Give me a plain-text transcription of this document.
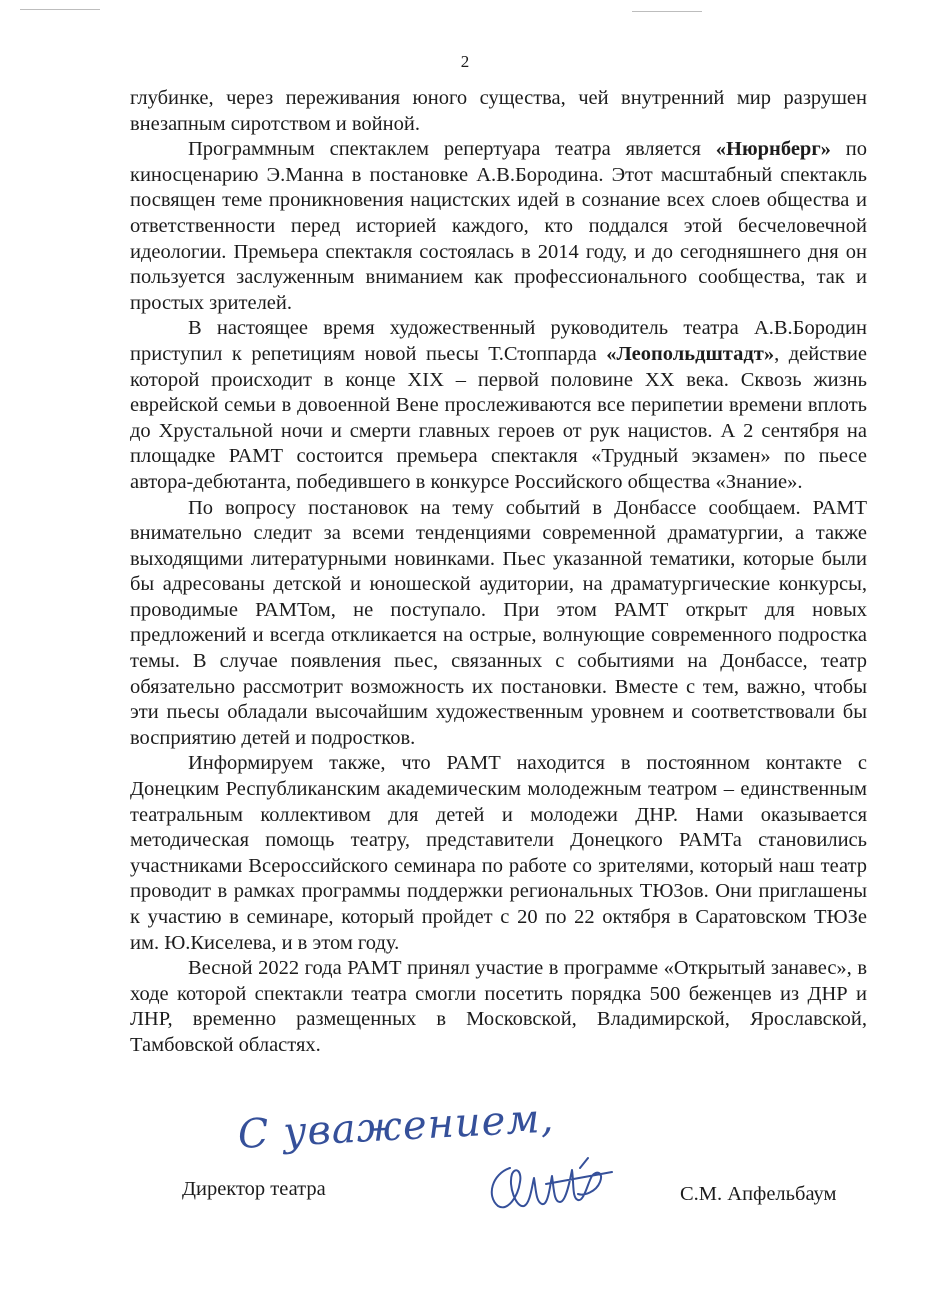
2

глубинке, через переживания юного существа, чей внутренний мир разрушен внезапным сиротством и войной.

Программным спектаклем репертуара театра является «Нюрнберг» по киносценарию Э.Манна в постановке А.В.Бородина. Этот масштабный спектакль посвящен теме проникновения нацистских идей в сознание всех слоев общества и ответственности перед историей каждого, кто поддался этой бесчеловечной идеологии. Премьера спектакля состоялась в 2014 году, и до сегодняшнего дня он пользуется заслуженным вниманием как профессионального сообщества, так и простых зрителей.

В настоящее время художественный руководитель театра А.В.Бородин приступил к репетициям новой пьесы Т.Стоппарда «Леопольдштадт», действие которой происходит в конце XIX – первой половине XX века. Сквозь жизнь еврейской семьи в довоенной Вене прослеживаются все перипетии времени вплоть до Хрустальной ночи и смерти главных героев от рук нацистов. А 2 сентября на площадке РАМТ состоится премьера спектакля «Трудный экзамен» по пьесе автора-дебютанта, победившего в конкурсе Российского общества «Знание».

По вопросу постановок на тему событий в Донбассе сообщаем. РАМТ внимательно следит за всеми тенденциями современной драматургии, а также выходящими литературными новинками. Пьес указанной тематики, которые были бы адресованы детской и юношеской аудитории, на драматургические конкурсы, проводимые РАМТом, не поступало. При этом РАМТ открыт для новых предложений и всегда откликается на острые, волнующие современного подростка темы. В случае появления пьес, связанных с событиями на Донбассе, театр обязательно рассмотрит возможность их постановки. Вместе с тем, важно, чтобы эти пьесы обладали высочайшим художественным уровнем и соответствовали бы восприятию детей и подростков.

Информируем также, что РАМТ находится в постоянном контакте с Донецким Республиканским академическим молодежным театром – единственным театральным коллективом для детей и молодежи ДНР. Нами оказывается методическая помощь театру, представители Донецкого РАМТа становились участниками Всероссийского семинара по работе со зрителями, который наш театр проводит в рамках программы поддержки региональных ТЮЗов. Они приглашены к участию в семинаре, который пройдет с 20 по 22 октября в Саратовском ТЮЗе им. Ю.Киселева, и в этом году.

Весной 2022 года РАМТ принял участие в программе «Открытый занавес», в ходе которой спектакли театра смогли посетить порядка 500 беженцев из ДНР и ЛНР, временно размещенных в Московской, Владимирской, Ярославской, Тамбовской областях.

С уважением,
Директор театра	С.М. Апфельбаум
